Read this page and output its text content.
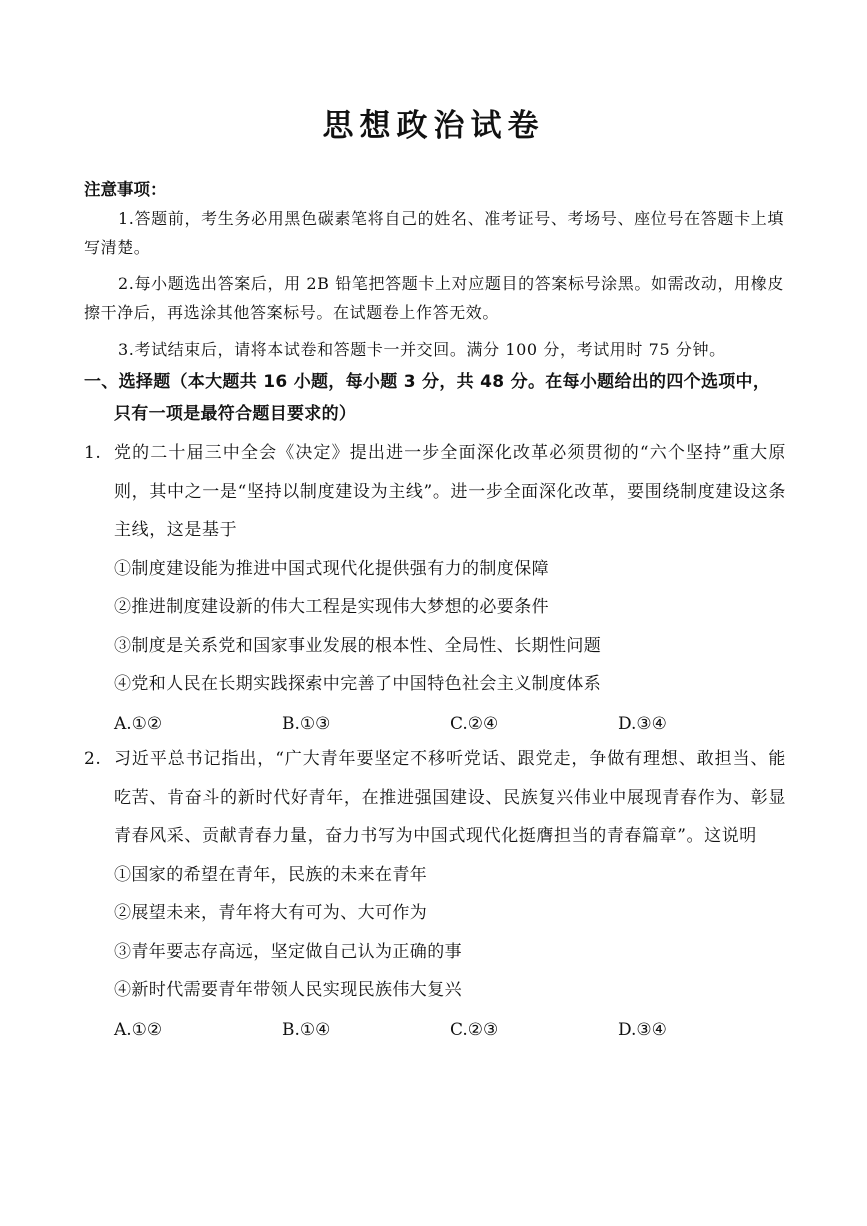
思想政治试卷
注意事项：
1.答题前，考生务必用黑色碳素笔将自己的姓名、准考证号、考场号、座位号在答题卡上填写清楚。
2.每小题选出答案后，用 2B 铅笔把答题卡上对应题目的答案标号涂黑。如需改动，用橡皮擦干净后，再选涂其他答案标号。在试题卷上作答无效。
3.考试结束后，请将本试卷和答题卡一并交回。满分 100 分，考试用时 75 分钟。
一、选择题（本大题共 16 小题，每小题 3 分，共 48 分。在每小题给出的四个选项中，只有一项是最符合题目要求的）
1. 党的二十届三中全会《决定》提出进一步全面深化改革必须贯彻的“六个坚持”重大原则，其中之一是“坚持以制度建设为主线”。进一步全面深化改革，要围绕制度建设这条主线，这是基于
①制度建设能为推进中国式现代化提供强有力的制度保障
②推进制度建设新的伟大工程是实现伟大梦想的必要条件
③制度是关系党和国家事业发展的根本性、全局性、长期性问题
④党和人民在长期实践探索中完善了中国特色社会主义制度体系
A.①②	B.①③	C.②④	D.③④
2. 习近平总书记指出，“广大青年要坚定不移听党话、跟党走，争做有理想、敢担当、能吃苦、肯奋斗的新时代好青年，在推进强国建设、民族复兴伟业中展现青春作为、彰显青春风采、贡献青春力量，奋力书写为中国式现代化挺膺担当的青春篇章”。这说明
①国家的希望在青年，民族的未来在青年
②展望未来，青年将大有可为、大可作为
③青年要志存高远，坚定做自己认为正确的事
④新时代需要青年带领人民实现民族伟大复兴
A.①②	B.①④	C.②③	D.③④
